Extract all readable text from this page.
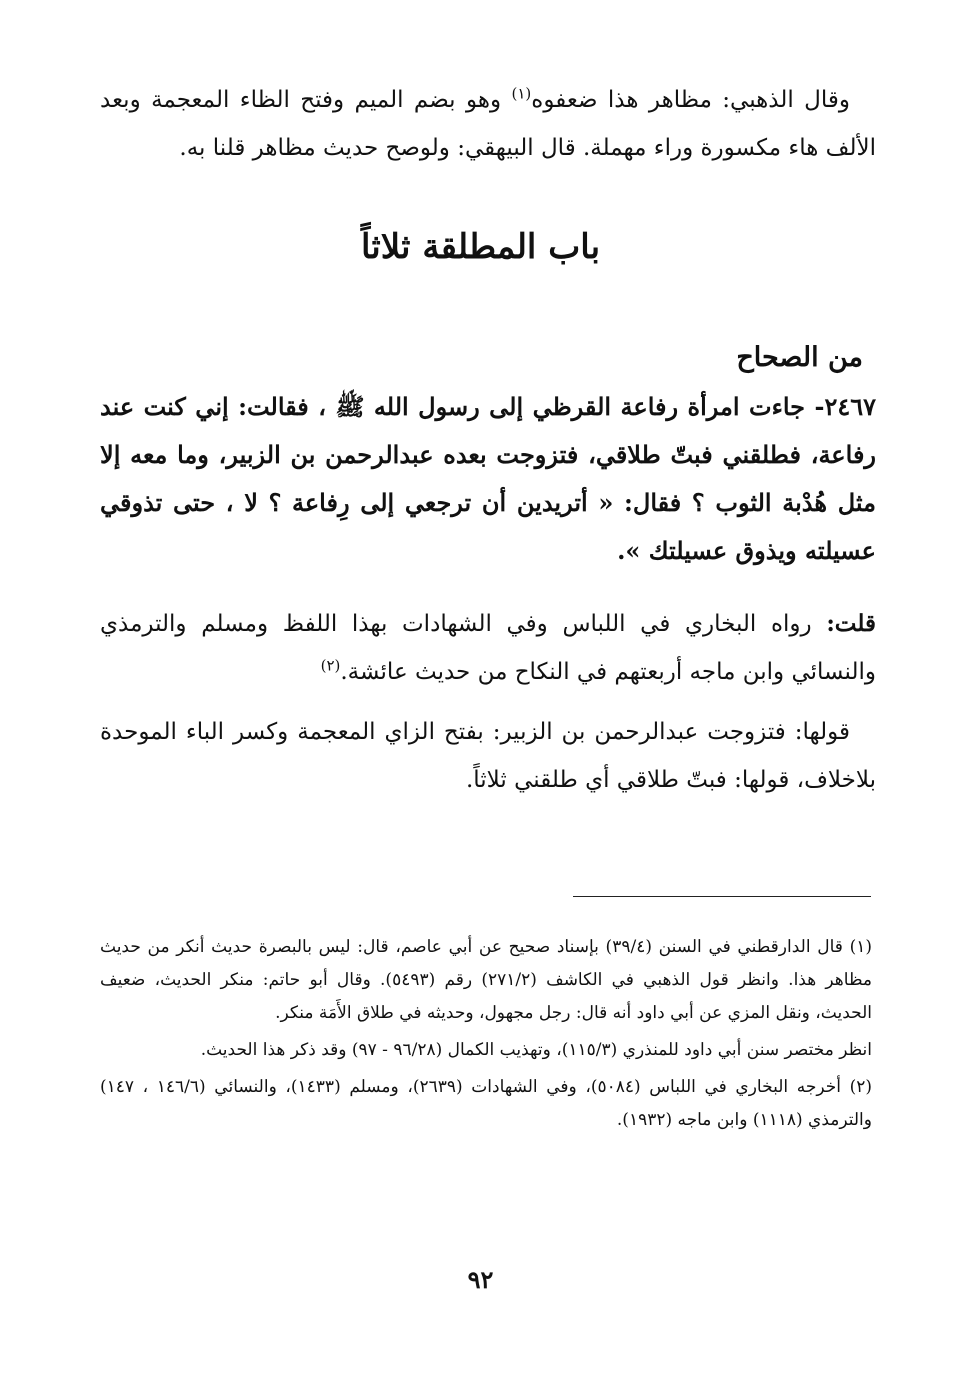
وقال الذهبي: مظاهر هذا ضعفوه$^{(١)}$ وهو بضم الميم وفتح الظاء المعجمة وبعد الألف هاء مكسورة وراء مهملة. قال البيهقي: ولوصح حديث مظاهر قلنا به.
باب المطلقة ثلاثاً
من الصحاح
٢٤٦٧- جاءت امرأة رفاعة القرظي إلى رسول الله ﷺ ، فقالت: إني كنت عند رفاعة، فطلقني فبتّ طلاقي، فتزوجت بعده عبدالرحمن بن الزبير، وما معه إلا مثل هُدْبة الثوب ؟ فقال: « أتريدين أن ترجعي إلى رِفاعة ؟ لا ، حتى تذوقي عسيلته ويذوق عسيلتك ».
قلت: رواه البخاري في اللباس وفي الشهادات بهذا اللفظ ومسلم والترمذي والنسائي وابن ماجه أربعتهم في النكاح من حديث عائشة.$^{(٢)}$
قولها: فتزوجت عبدالرحمن بن الزبير: بفتح الزاي المعجمة وكسر الباء الموحدة بلاخلاف، قولها: فبتّ طلاقي أي طلقني ثلاثاً.
(١) قال الدارقطني في السنن (٣٩/٤) بإسناد صحيح عن أبي عاصم، قال: ليس بالبصرة حديث أنكر من حديث مظاهر هذا. وانظر قول الذهبي في الكاشف (٢٧١/٢) رقم (٥٤٩٣). وقال أبو حاتم: منكر الحديث، ضعيف الحديث، ونقل المزي عن أبي داود أنه قال: رجل مجهول، وحديثه في طلاق الأَمَة منكر.
انظر مختصر سنن أبي داود للمنذري (١١٥/٣)، وتهذيب الكمال (٩٦/٢٨ - ٩٧) وقد ذكر هذا الحديث.
(٢) أخرجه البخاري في اللباس (٥٠٨٤)، وفي الشهادات (٢٦٣٩)، ومسلم (١٤٣٣)، والنسائي (١٤٦/٦ ، ١٤٧) والترمذي (١١١٨) وابن ماجه (١٩٣٢).
٩٢
